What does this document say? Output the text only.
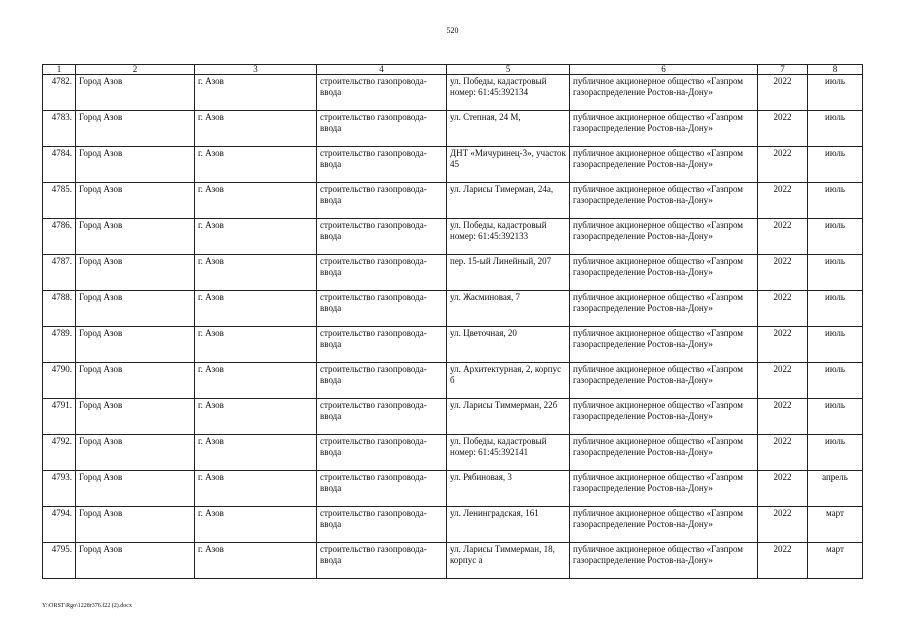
520
1	2	3	4	5	6	7	8
4782.	Город Азов	г. Азов	строительство газопровода-ввода	ул. Победы, кадастровый номер: 61:45:392134	публичное акционерное общество «Газпром газораспределение Ростов-на-Дону»	2022	июль
4783.	Город Азов	г. Азов	строительство газопровода-ввода	ул. Степная, 24 М,	публичное акционерное общество «Газпром газораспределение Ростов-на-Дону»	2022	июль
4784.	Город Азов	г. Азов	строительство газопровода-ввода	ДНТ «Мичуринец-3», участок 45	публичное акционерное общество «Газпром газораспределение Ростов-на-Дону»	2022	июль
4785.	Город Азов	г. Азов	строительство газопровода-ввода	ул. Ларисы Тимерман, 24а,	публичное акционерное общество «Газпром газораспределение Ростов-на-Дону»	2022	июль
4786.	Город Азов	г. Азов	строительство газопровода-ввода	ул. Победы, кадастровый номер: 61:45:392133	публичное акционерное общество «Газпром газораспределение Ростов-на-Дону»	2022	июль
4787.	Город Азов	г. Азов	строительство газопровода-ввода	пер. 15-ый Линейный, 207	публичное акционерное общество «Газпром газораспределение Ростов-на-Дону»	2022	июль
4788.	Город Азов	г. Азов	строительство газопровода-ввода	ул. Жасминовая, 7	публичное акционерное общество «Газпром газораспределение Ростов-на-Дону»	2022	июль
4789.	Город Азов	г. Азов	строительство газопровода-ввода	ул. Цветочная, 20	публичное акционерное общество «Газпром газораспределение Ростов-на-Дону»	2022	июль
4790.	Город Азов	г. Азов	строительство газопровода-ввода	ул. Архитектурная, 2, корпус б	публичное акционерное общество «Газпром газораспределение Ростов-на-Дону»	2022	июль
4791.	Город Азов	г. Азов	строительство газопровода-ввода	ул. Ларисы Тиммерман, 22б	публичное акционерное общество «Газпром газораспределение Ростов-на-Дону»	2022	июль
4792.	Город Азов	г. Азов	строительство газопровода-ввода	ул. Победы, кадастровый номер: 61:45:392141	публичное акционерное общество «Газпром газораспределение Ростов-на-Дону»	2022	июль
4793.	Город Азов	г. Азов	строительство газопровода-ввода	ул. Рябиновая, 3	публичное акционерное общество «Газпром газораспределение Ростов-на-Дону»	2022	апрель
4794.	Город Азов	г. Азов	строительство газопровода-ввода	ул. Ленинградская, 161	публичное акционерное общество «Газпром газораспределение Ростов-на-Дону»	2022	март
4795.	Город Азов	г. Азов	строительство газопровода-ввода	ул. Ларисы Тиммерман, 18, корпус а	публичное акционерное общество «Газпром газораспределение Ростов-на-Дону»	2022	март
Y:\ORST\Rgo\1228r376.f22 (2).docx
